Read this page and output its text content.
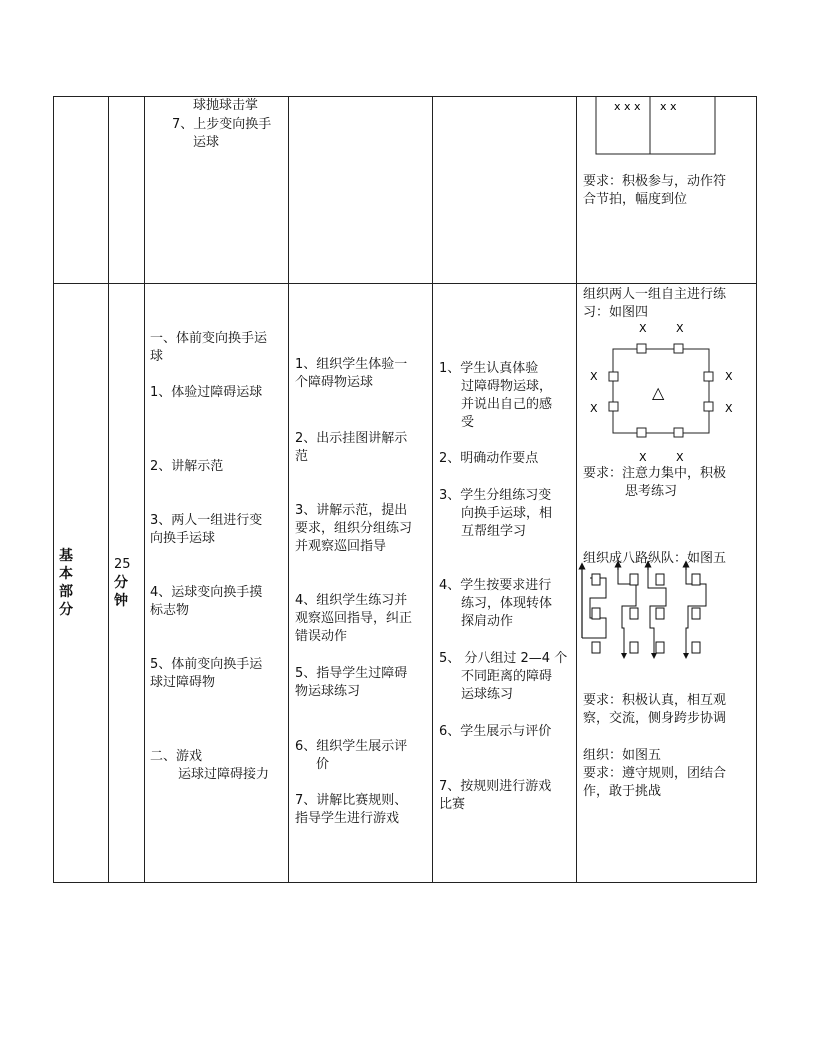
球抛球击掌
7、上步变向换手
运球
x x x x x
要求：积极参与，动作符
合节拍，幅度到位
基
本
部
分
25
分
钟
一、体前变向换手运
球
1、体验过障碍运球
2、讲解示范
3、两人一组进行变
向换手运球
4、运球变向换手摸
标志物
5、体前变向换手运
球过障碍物
二、游戏
运球过障碍接力
1、组织学生体验一
个障碍物运球
2、出示挂图讲解示
范
3、讲解示范，提出
要求，组织分组练习
并观察巡回指导
4、组织学生练习并
观察巡回指导，纠正
错误动作
5、指导学生过障碍
物运球练习
6、组织学生展示评
价
7、讲解比赛规则、
指导学生进行游戏
1、学生认真体验
过障碍物运球，
并说出自己的感
受
2、明确动作要点
3、学生分组练习变
向换手运球，相
互帮组学习
4、学生按要求进行
练习，体现转体
探肩动作
5、 分八组过 2—4 个
不同距离的障碍
运球练习
6、学生展示与评价
7、按规则进行游戏
比赛
组织两人一组自主进行练
习：如图四
X	X
X	X
X
X
X
X
△
要求：注意力集中，积极
思考练习
组织成八路纵队：如图五
要求：积极认真，相互观
察，交流，侧身跨步协调
组织：如图五
要求：遵守规则，团结合
作，敢于挑战
